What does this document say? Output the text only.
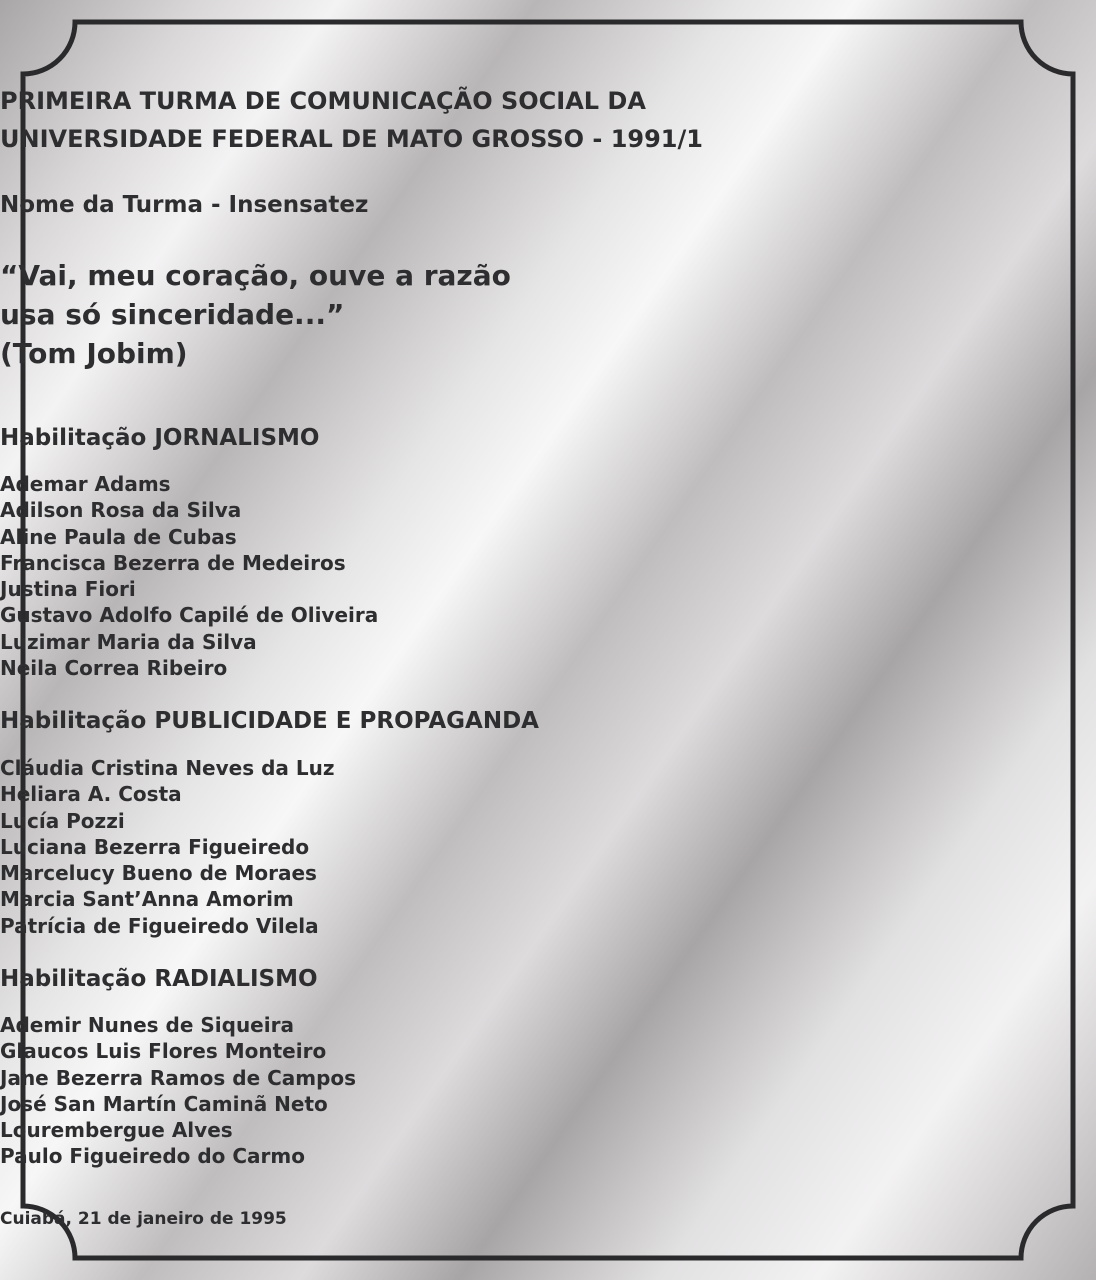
PRIMEIRA TURMA DE COMUNICAÇÃO SOCIAL DA
UNIVERSIDADE FEDERAL DE MATO GROSSO - 1991/1
Nome da Turma - Insensatez
“Vai, meu coração, ouve a razão
usa só sinceridade...”
(Tom Jobim)
Habilitação JORNALISMO
Ademar Adams
Adilson Rosa da Silva
Aline Paula de Cubas
Francisca Bezerra de Medeiros
Justina Fiori
Gustavo Adolfo Capilé de Oliveira
Luzimar Maria da Silva
Neila Correa Ribeiro
Habilitação PUBLICIDADE E PROPAGANDA
Cláudia Cristina Neves da Luz
Heliara A. Costa
Lucía Pozzi
Luciana Bezerra Figueiredo
Marcelucy Bueno de Moraes
Marcia Sant’Anna Amorim
Patrícia de Figueiredo Vilela
Habilitação RADIALISMO
Ademir Nunes de Siqueira
Glaucos Luis Flores Monteiro
Jane Bezerra Ramos de Campos
José San Martín Caminã Neto
Lourembergue Alves
Paulo Figueiredo do Carmo
Cuiabá, 21 de janeiro de 1995
